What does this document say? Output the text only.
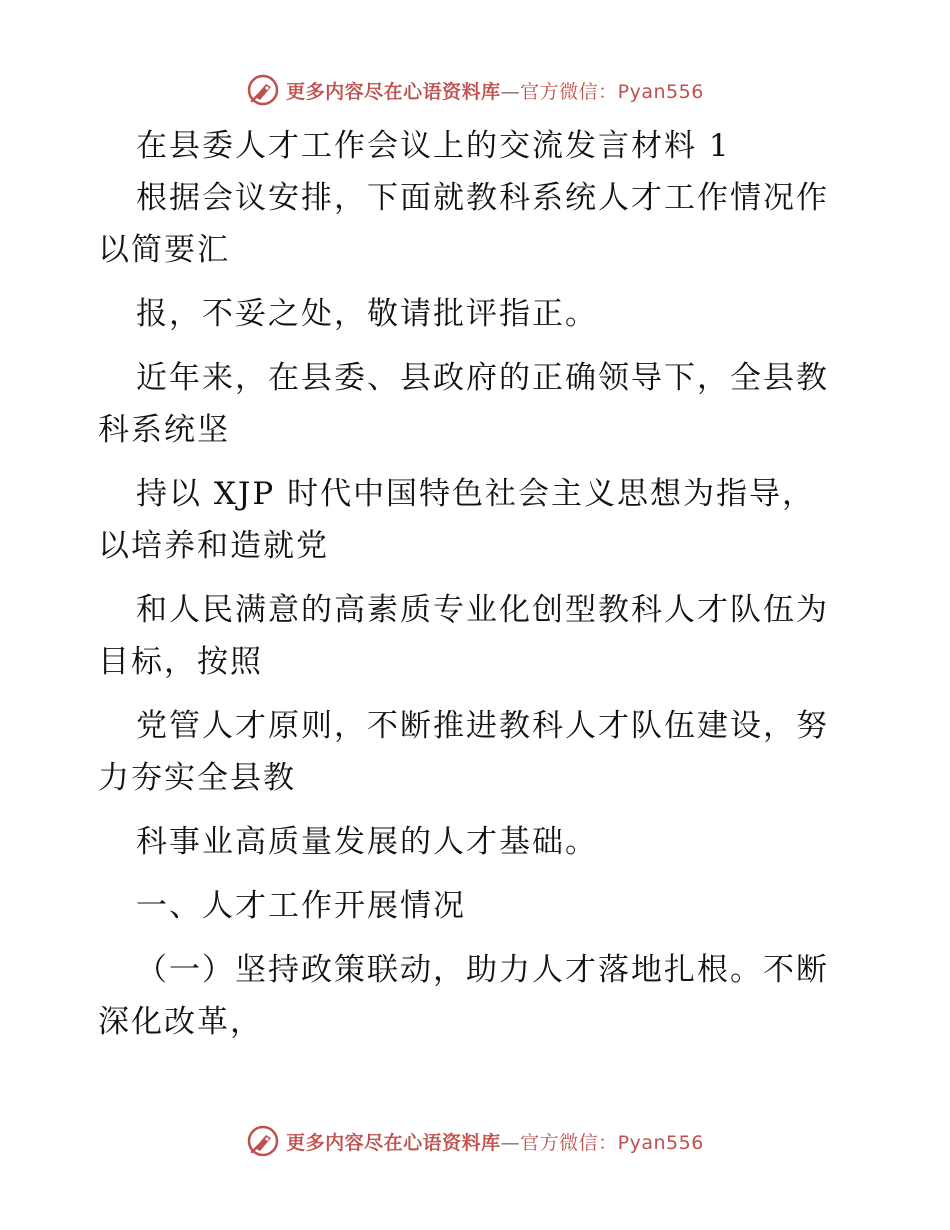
更多内容尽在心语资料库—官方微信：Pyan556
在县委人才工作会议上的交流发言材料 1
根据会议安排，下面就教科系统人才工作情况作
以简要汇
报，不妥之处，敬请批评指正。
近年来，在县委、县政府的正确领导下，全县教
科系统坚
持以 XJP 时代中国特色社会主义思想为指导，
以培养和造就党
和人民满意的高素质专业化创型教科人才队伍为
目标，按照
党管人才原则，不断推进教科人才队伍建设，努
力夯实全县教
科事业高质量发展的人才基础。
一、人才工作开展情况
（一）坚持政策联动，助力人才落地扎根。不断
深化改革，
更多内容尽在心语资料库—官方微信：Pyan556
